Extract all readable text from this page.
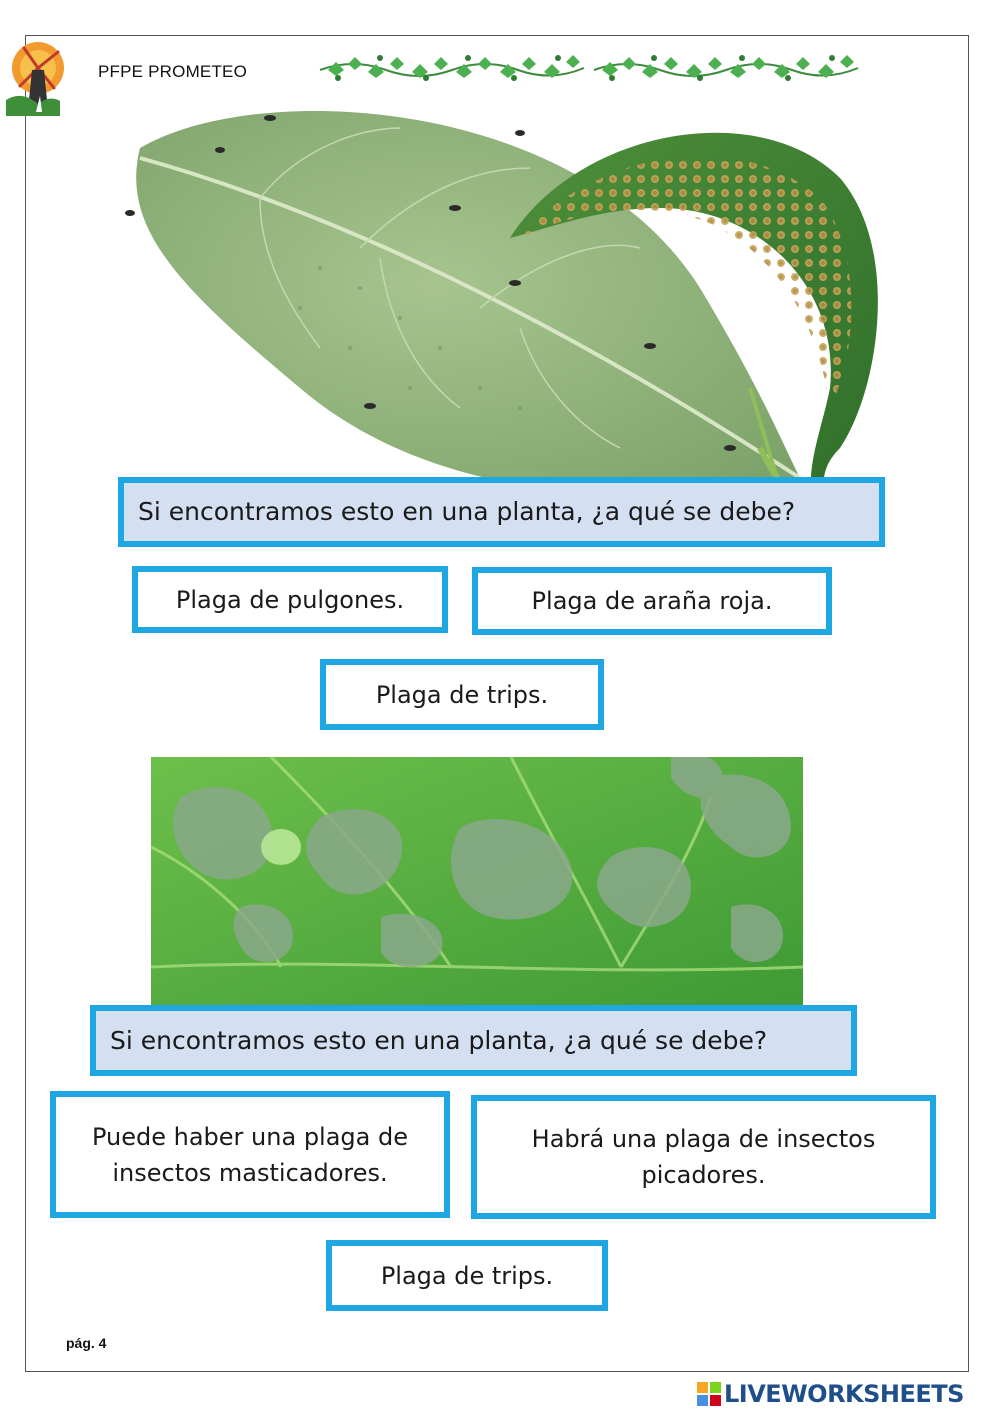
PFPE PROMETEO
Si encontramos esto en una planta, ¿a qué se debe?
Plaga de pulgones.	Plaga de araña roja.
Plaga de trips.
Si encontramos esto en una planta, ¿a qué se debe?
Puede haber una plaga de insectos masticadores.
Habrá una plaga de insectos picadores.
Plaga de trips.
pág. 4
LIVEWORKSHEETS
